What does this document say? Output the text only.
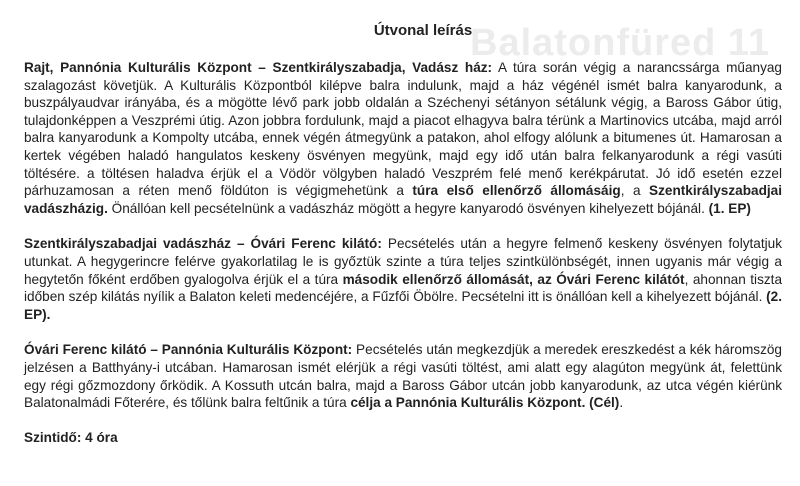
Balatonfüred 11
Útvonal leírás

Rajt, Pannónia Kulturális Központ – Szentkirályszabadja, Vadász ház: A túra során végig a narancssárga műanyag szalagozást követjük. A Kulturális Központból kilépve balra indulunk, majd a ház végénél ismét balra kanyarodunk, a buszpályaudvar irányába, és a mögötte lévő park jobb oldalán a Széchenyi sétányon sétálunk végig, a Baross Gábor útig, tulajdonképpen a Veszprémi útig. Azon jobbra fordulunk, majd a piacot elhagyva balra térünk a Martinovics utcába, majd arról balra kanyarodunk a Kompolty utcába, ennek végén átmegyünk a patakon, ahol elfogy alólunk a bitumenes út. Hamarosan a kertek végében haladó hangulatos keskeny ösvényen megyünk, majd egy idő után balra felkanyarodunk a régi vasúti töltésére. a töltésen haladva érjük el a Vödör völgyben haladó Veszprém felé menő kerékpárutat. Jó idő esetén ezzel párhuzamosan a réten menő földúton is végigmehetünk a túra első ellenőrző állomásáig, a Szentkirályszabadjai vadászházig. Önállóan kell pecsételnünk a vadászház mögött a hegyre kanyarodó ösvényen kihelyezett bójánál. (1. EP)

Szentkirályszabadjai vadászház – Óvári Ferenc kilátó: Pecsételés után a hegyre felmenő keskeny ösvényen folytatjuk utunkat. A hegygerincre felérve gyakorlatilag le is győztük szinte a túra teljes szintkülönbségét, innen ugyanis már végig a hegytetőn főként erdőben gyalogolva érjük el a túra második ellenőrző állomását, az Óvári Ferenc kilátót, ahonnan tiszta időben szép kilátás nyílik a Balaton keleti medencéjére, a Fűzfői Öbölre. Pecsételni itt is önállóan kell a kihelyezett bójánál. (2. EP).

Óvári Ferenc kilátó – Pannónia Kulturális Központ: Pecsételés után megkezdjük a meredek ereszkedést a kék háromszög jelzésen a Batthyány-i utcában. Hamarosan ismét elérjük a régi vasúti töltést, ami alatt egy alagúton megyünk át, felettünk egy régi gőzmozdony őrködik. A Kossuth utcán balra, majd a Baross Gábor utcán jobb kanyarodunk, az utca végén kiérünk Balatonalmádi Főterére, és tőlünk balra feltűnik a túra célja a Pannónia Kulturális Központ. (Cél).

Szintidő: 4 óra
